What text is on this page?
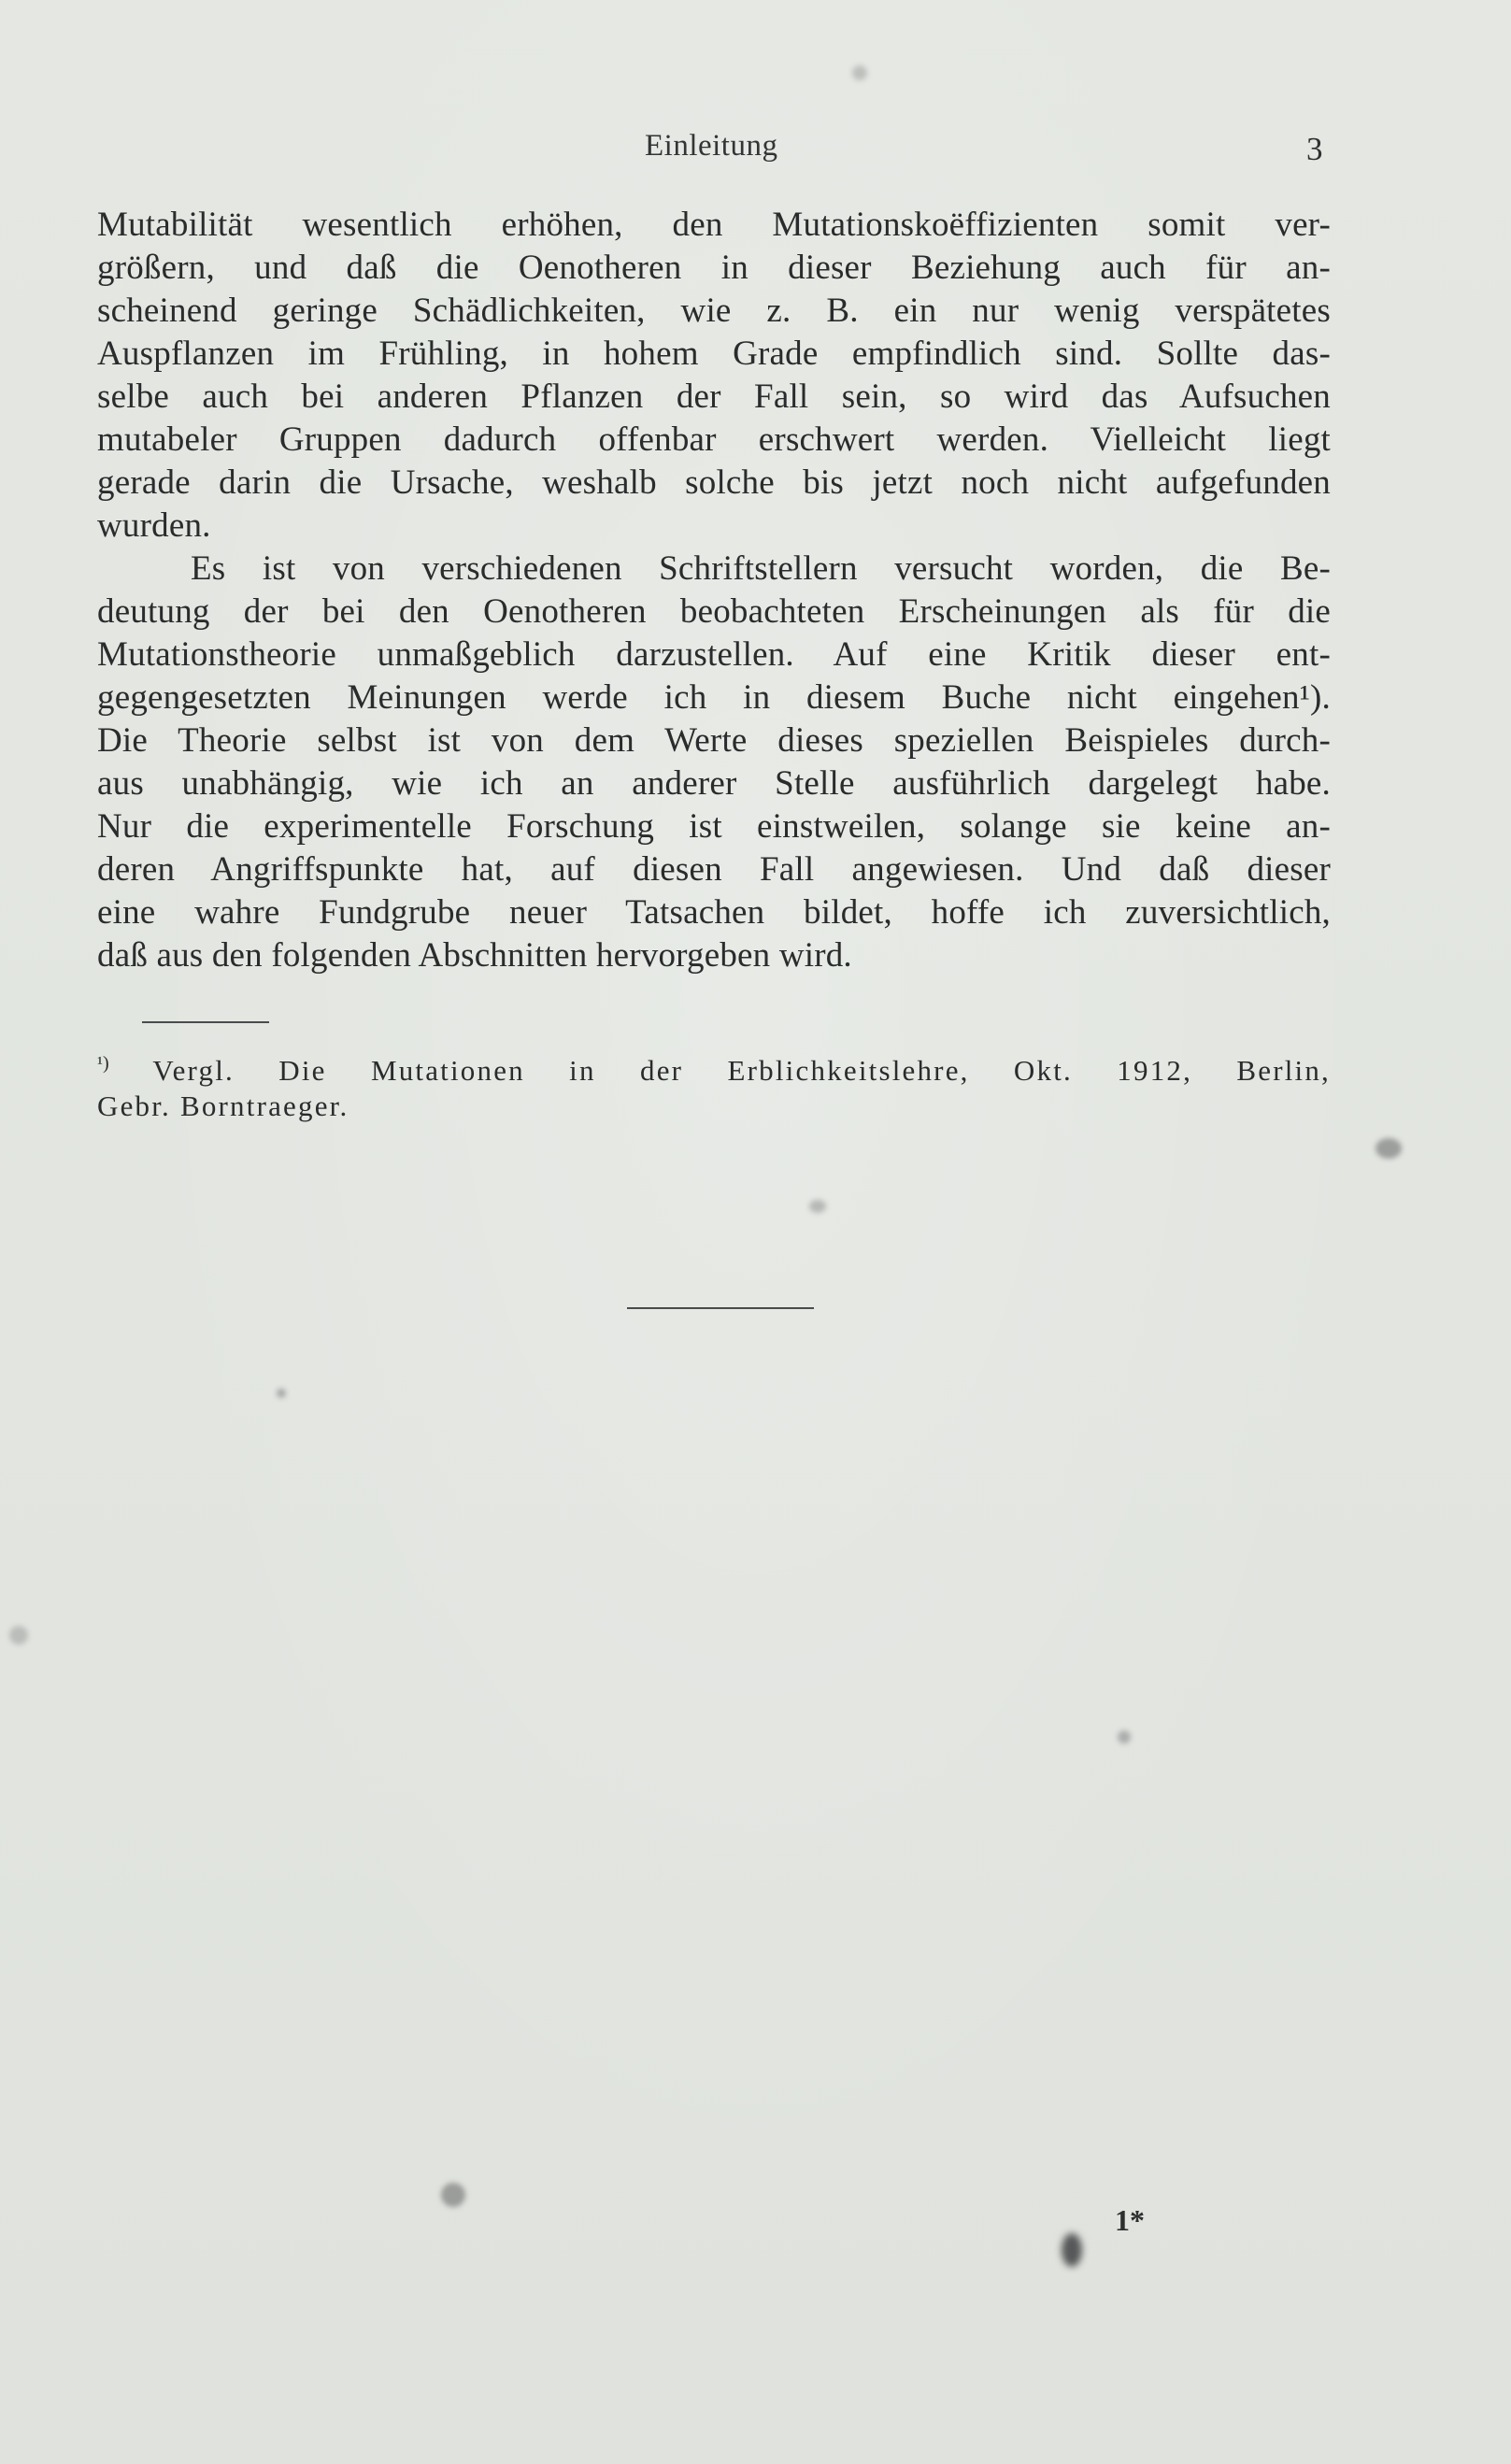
Einleitung	3
Mutabilität wesentlich erhöhen, den Mutationskoëffizienten somit ver-
größern, und daß die Oenotheren in dieser Beziehung auch für an-
scheinend geringe Schädlichkeiten, wie z. B. ein nur wenig verspätetes
Auspflanzen im Frühling, in hohem Grade empfindlich sind. Sollte das-
selbe auch bei anderen Pflanzen der Fall sein, so wird das Aufsuchen
mutabeler Gruppen dadurch offenbar erschwert werden. Vielleicht liegt
gerade darin die Ursache, weshalb solche bis jetzt noch nicht aufgefunden
wurden.
Es ist von verschiedenen Schriftstellern versucht worden, die Be-
deutung der bei den Oenotheren beobachteten Erscheinungen als für die
Mutationstheorie unmaßgeblich darzustellen. Auf eine Kritik dieser ent-
gegengesetzten Meinungen werde ich in diesem Buche nicht eingehen¹).
Die Theorie selbst ist von dem Werte dieses speziellen Beispieles durch-
aus unabhängig, wie ich an anderer Stelle ausführlich dargelegt habe.
Nur die experimentelle Forschung ist einstweilen, solange sie keine an-
deren Angriffspunkte hat, auf diesen Fall angewiesen. Und daß dieser
eine wahre Fundgrube neuer Tatsachen bildet, hoffe ich zuversichtlich,
daß aus den folgenden Abschnitten hervorgeben wird.
$^{^1)}$ Vergl. Die Mutationen in der Erblichkeitslehre, Okt. 1912, Berlin,
Gebr. Borntraeger.
1*
